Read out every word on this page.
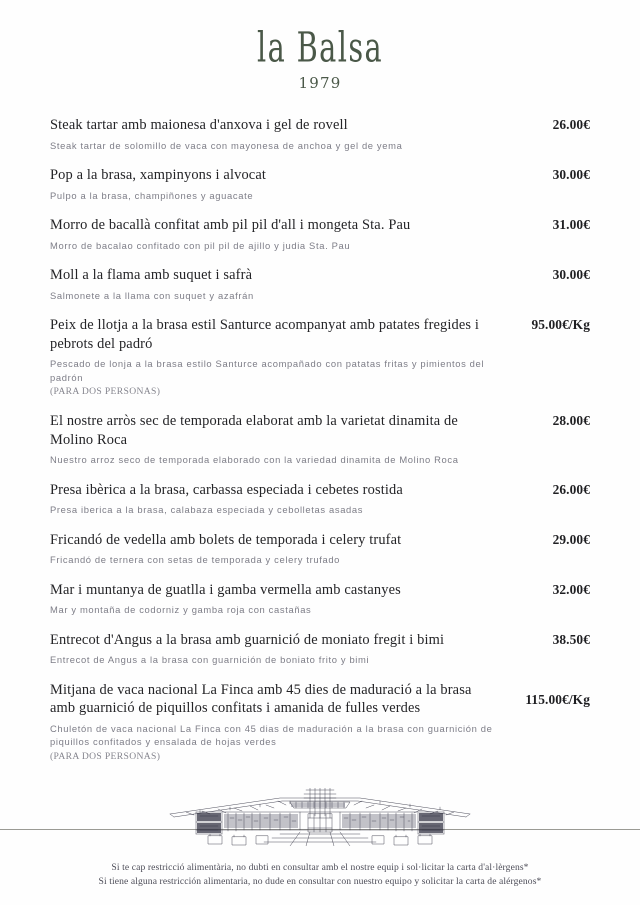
la Balsa
1979
Steak tartar amb maionesa d'anxova i gel de rovell
Steak tartar de solomillo de vaca con mayonesa de anchoa y gel de yema
26.00€
Pop a la brasa, xampinyons i alvocat
Pulpo a la brasa, champiñones y aguacate
30.00€
Morro de bacallà confitat amb pil pil d'all i mongeta Sta. Pau
Morro de bacalao confitado con pil pil de ajillo y judia Sta. Pau
31.00€
Moll a la flama amb suquet i safrà
Salmonete a la llama con suquet y azafrán
30.00€
Peix de llotja a la brasa estil Santurce acompanyat amb patates fregides i pebrots del padró
Pescado de lonja a la brasa estilo Santurce acompañado con patatas fritas y pimientos del padrón
(PARA DOS PERSONAS)
95.00€/Kg
El nostre arròs sec de temporada elaborat amb la varietat dinamita de Molino Roca
Nuestro arroz seco de temporada elaborado con la variedad dinamita de Molino Roca
28.00€
Presa ibèrica a la brasa, carbassa especiada i cebetes rostida
Presa iberica a la brasa, calabaza especiada y cebolletas asadas
26.00€
Fricandó de vedella amb bolets de temporada i celery trufat
Fricandó de ternera con setas de temporada y celery trufado
29.00€
Mar i muntanya de guatlla i gamba vermella amb castanyes
Mar y montaña de codorniz y gamba roja con castañas
32.00€
Entrecot d'Angus a la brasa amb guarnició de moniato fregit i bimi
Entrecot de Angus a la brasa con guarnición de boniato frito y bimi
38.50€
Mitjana de vaca nacional La Finca amb 45 dies de maduració a la brasa amb guarnició de piquillos confitats i amanida de fulles verdes
Chuletón de vaca nacional La Finca con 45 dias de maduración a la brasa con guarnición de piquillos confitados y ensalada de hojas verdes
(PARA DOS PERSONAS)
115.00€/Kg
Si te cap restricció alimentària, no dubti en consultar amb el nostre equip i sol·licitar la carta d'al·lèrgens*
Si tiene alguna restricción alimentaria, no dude en consultar con nuestro equipo y solicitar la carta de alérgenos*
